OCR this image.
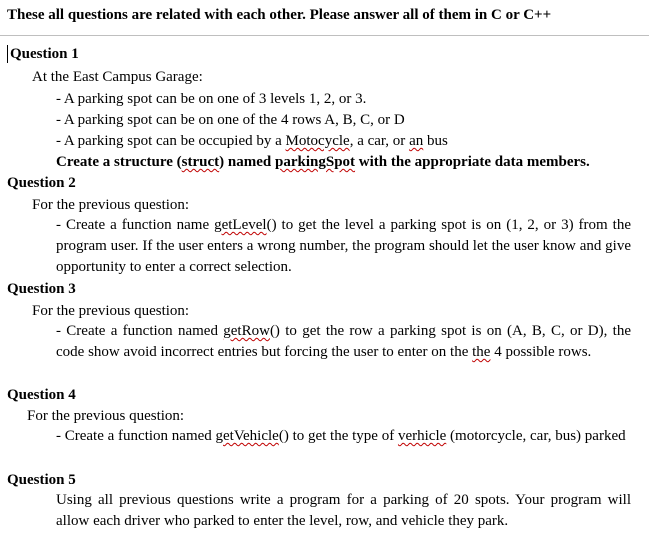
These all questions are related with each other. Please answer all of them in C or C++
Question 1
At the East Campus Garage:
- A parking spot can be on one of 3 levels 1, 2, or 3.
- A parking spot can be on one of the 4 rows A, B, C, or D
- A parking spot can be occupied by a Motocycle, a car, or an bus
Create a structure (struct) named parkingSpot with the appropriate data members.
Question 2
For the previous question:
- Create a function name getLevel() to get the level a parking spot is on (1, 2, or 3) from the program user. If the user enters a wrong number, the program should let the user know and give opportunity to enter a correct selection.
Question 3
For the previous question:
- Create a function named getRow() to get the row a parking spot is on (A, B, C, or D), the code show avoid incorrect entries but forcing the user to enter on the the 4 possible rows.
Question 4
For the previous question:
- Create a function named getVehicle() to get the type of verhicle (motorcycle, car, bus) parked
Question 5
Using all previous questions write a program for a parking of 20 spots. Your program will allow each driver who parked to enter the level, row, and vehicle they park.
